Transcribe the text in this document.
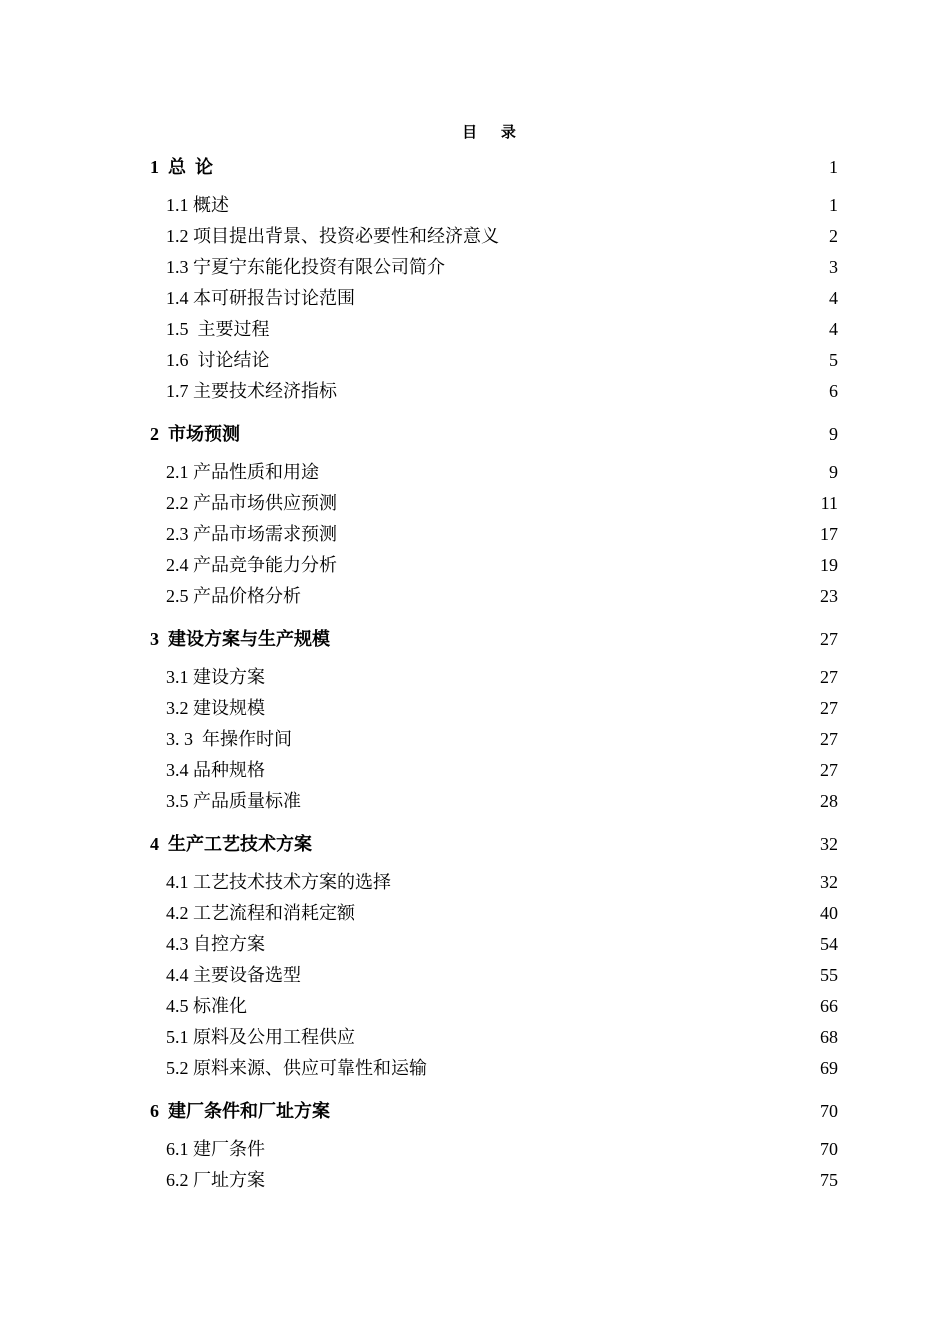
目 录
1  总  论	1
1.1 概述	1
1.2 项目提出背景、投资必要性和经济意义	2
1.3 宁夏宁东能化投资有限公司简介	3
1.4 本可研报告讨论范围	4
1.5  主要过程	4
1.6  讨论结论	5
1.7 主要技术经济指标	6
2  市场预测	9
2.1 产品性质和用途	9
2.2 产品市场供应预测	11
2.3 产品市场需求预测	17
2.4 产品竞争能力分析	19
2.5 产品价格分析	23
3  建设方案与生产规模	27
3.1 建设方案	27
3.2 建设规模	27
3. 3  年操作时间	27
3.4 品种规格	27
3.5 产品质量标准	28
4  生产工艺技术方案	32
4.1 工艺技术技术方案的选择	32
4.2 工艺流程和消耗定额	40
4.3 自控方案	54
4.4 主要设备选型	55
4.5 标准化	66
5.1 原料及公用工程供应	68
5.2 原料来源、供应可靠性和运输	69
6  建厂条件和厂址方案	70
6.1 建厂条件	70
6.2 厂址方案	75
